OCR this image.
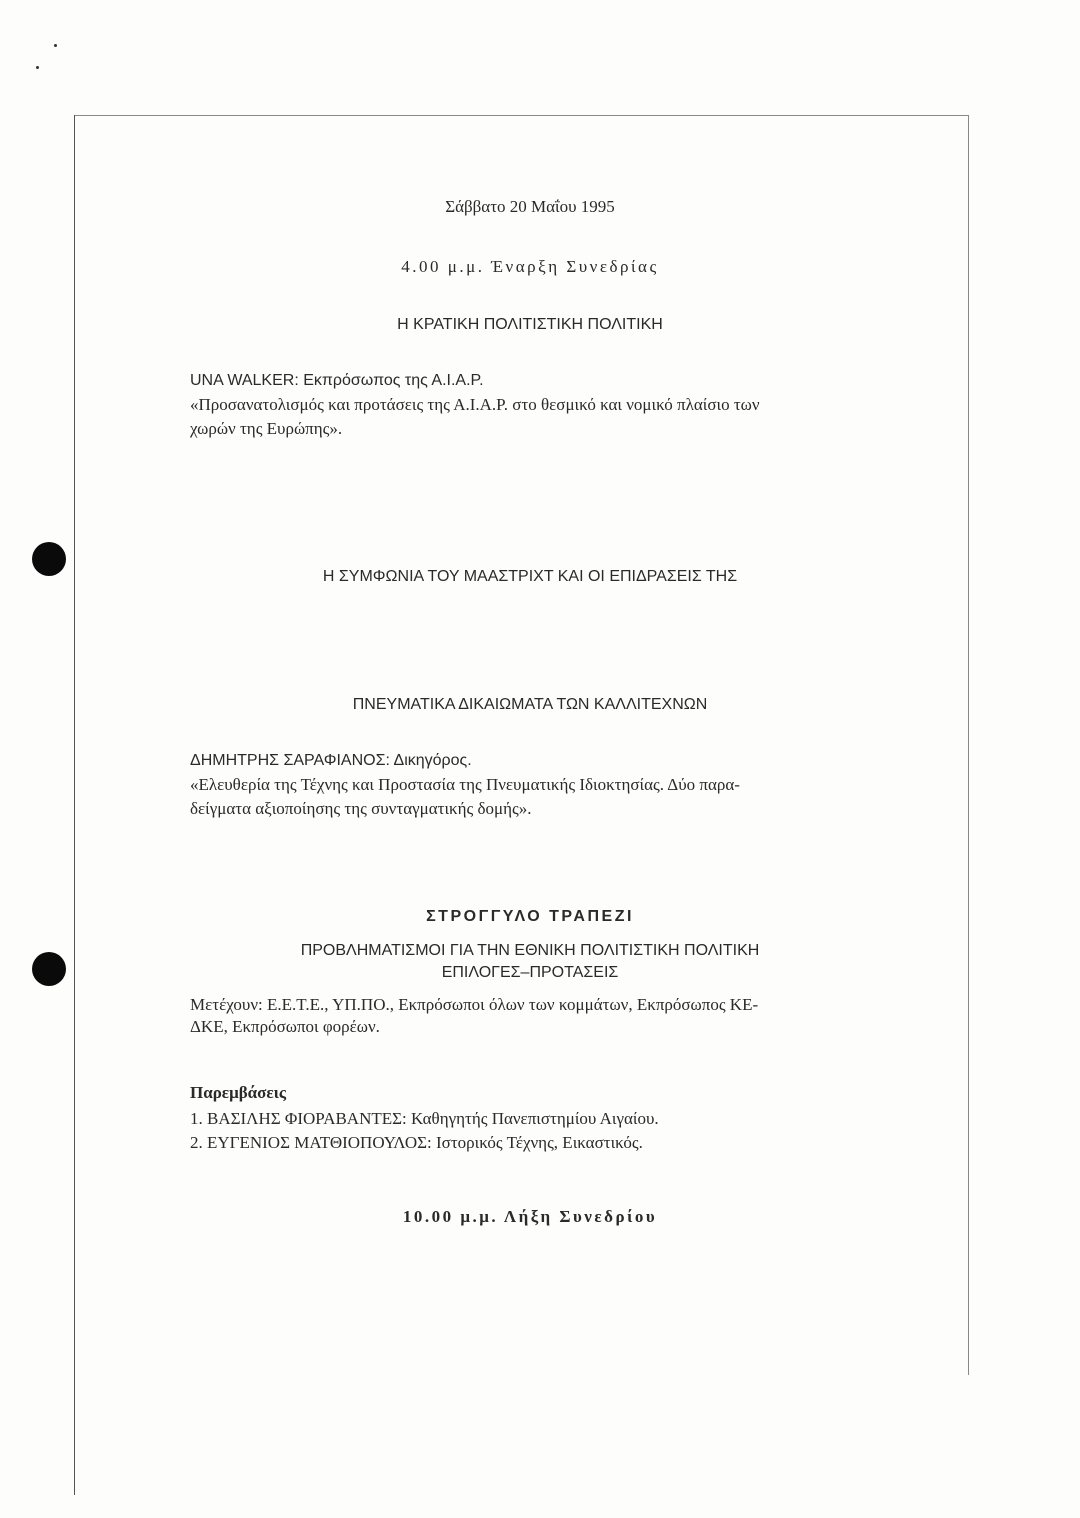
Σάββατο 20 Μαΐου 1995
4.00 μ.μ. Έναρξη Συνεδρίας
Η ΚΡΑΤΙΚΗ ΠΟΛΙΤΙΣΤΙΚΗ ΠΟΛΙΤΙΚΗ
UNA WALKER: Εκπρόσωπος της Α.Ι.Α.Ρ.
«Προσανατολισμός και προτάσεις της Α.Ι.Α.Ρ. στο θεσμικό και νομικό πλαίσιο των
χωρών της Ευρώπης».
Η ΣΥΜΦΩΝΙΑ ΤΟΥ ΜΑΑΣΤΡΙΧΤ ΚΑΙ ΟΙ ΕΠΙΔΡΑΣΕΙΣ ΤΗΣ
ΠΝΕΥΜΑΤΙΚΑ ΔΙΚΑΙΩΜΑΤΑ ΤΩΝ ΚΑΛΛΙΤΕΧΝΩΝ
ΔΗΜΗΤΡΗΣ ΣΑΡΑΦΙΑΝΟΣ: Δικηγόρος.
«Ελευθερία της Τέχνης και Προστασία της Πνευματικής Ιδιοκτησίας. Δύο παρα-
δείγματα αξιοποίησης της συνταγματικής δομής».
ΣΤΡΟΓΓΥΛΟ ΤΡΑΠΕΖΙ
ΠΡΟΒΛΗΜΑΤΙΣΜΟΙ ΓΙΑ ΤΗΝ ΕΘΝΙΚΗ ΠΟΛΙΤΙΣΤΙΚΗ ΠΟΛΙΤΙΚΗ
ΕΠΙΛΟΓΕΣ–ΠΡΟΤΑΣΕΙΣ
Μετέχουν: Ε.Ε.Τ.Ε., ΥΠ.ΠΟ., Εκπρόσωποι όλων των κομμάτων, Εκπρόσωπος ΚΕ-
ΔΚΕ, Εκπρόσωποι φορέων.
Παρεμβάσεις
1. ΒΑΣΙΛΗΣ ΦΙΟΡΑΒΑΝΤΕΣ: Καθηγητής Πανεπιστημίου Αιγαίου.
2. ΕΥΓΕΝΙΟΣ ΜΑΤΘΙΟΠΟΥΛΟΣ: Ιστορικός Τέχνης, Εικαστικός.
10.00 μ.μ. Λήξη Συνεδρίου
